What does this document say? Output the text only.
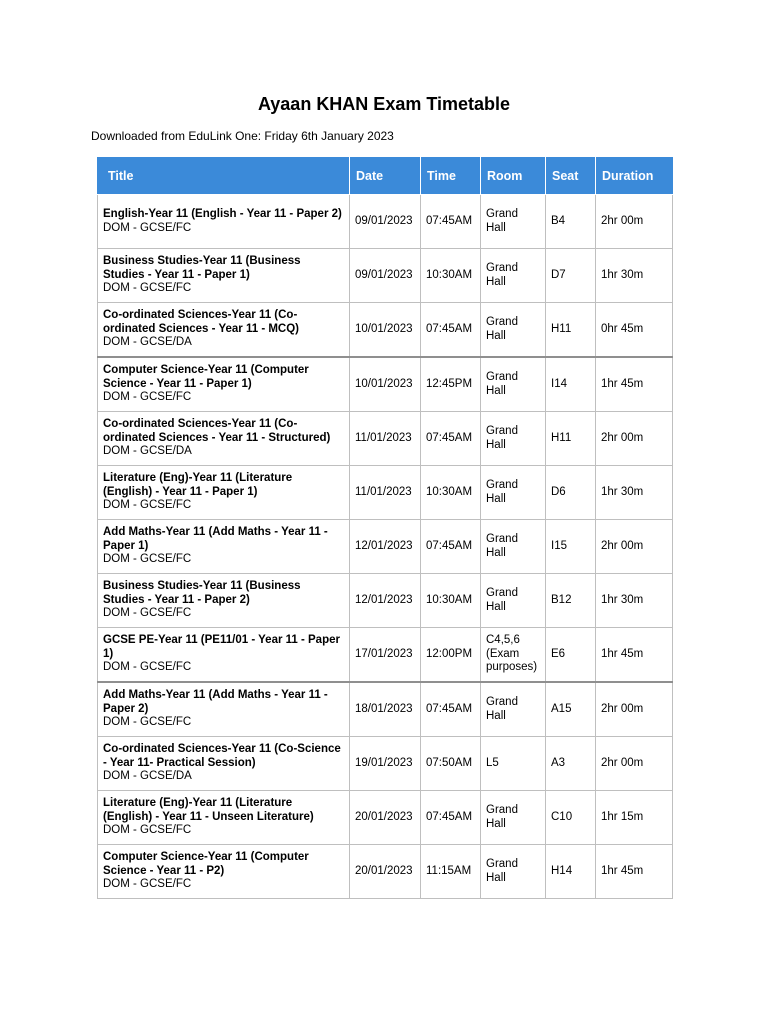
Ayaan KHAN Exam Timetable
Downloaded from EduLink One: Friday 6th January 2023
Title	Date	Time	Room	Seat	Duration

English-Year 11 (English - Year 11 - Paper 2)
DOM - GCSE/FC	09/01/2023	07:45AM	Grand Hall	B4	2hr 00m

Business Studies-Year 11 (Business Studies - Year 11 - Paper 1)
DOM - GCSE/FC	09/01/2023	10:30AM	Grand Hall	D7	1hr 30m

Co-ordinated Sciences-Year 11 (Co-ordinated Sciences - Year 11 - MCQ)
DOM - GCSE/DA	10/01/2023	07:45AM	Grand Hall	H11	0hr 45m

Computer Science-Year 11 (Computer Science - Year 11 - Paper 1)
DOM - GCSE/FC	10/01/2023	12:45PM	Grand Hall	I14	1hr 45m

Co-ordinated Sciences-Year 11 (Co-ordinated Sciences - Year 11 - Structured)
DOM - GCSE/DA	11/01/2023	07:45AM	Grand Hall	H11	2hr 00m

Literature (Eng)-Year 11 (Literature (English) - Year 11 - Paper 1)
DOM - GCSE/FC	11/01/2023	10:30AM	Grand Hall	D6	1hr 30m

Add Maths-Year 11 (Add Maths - Year 11 - Paper 1)
DOM - GCSE/FC	12/01/2023	07:45AM	Grand Hall	I15	2hr 00m

Business Studies-Year 11 (Business Studies - Year 11 - Paper 2)
DOM - GCSE/FC	12/01/2023	10:30AM	Grand Hall	B12	1hr 30m

GCSE PE-Year 11 (PE11/01 - Year 11 - Paper 1)
DOM - GCSE/FC	17/01/2023	12:00PM	C4,5,6 (Exam purposes)	E6	1hr 45m

Add Maths-Year 11 (Add Maths - Year 11 - Paper 2)
DOM - GCSE/FC	18/01/2023	07:45AM	Grand Hall	A15	2hr 00m

Co-ordinated Sciences-Year 11 (Co-Science - Year 11- Practical Session)
DOM - GCSE/DA	19/01/2023	07:50AM	L5	A3	2hr 00m

Literature (Eng)-Year 11 (Literature (English) - Year 11 - Unseen Literature)
DOM - GCSE/FC	20/01/2023	07:45AM	Grand Hall	C10	1hr 15m

Computer Science-Year 11 (Computer Science - Year 11 - P2)
DOM - GCSE/FC	20/01/2023	11:15AM	Grand Hall	H14	1hr 45m
